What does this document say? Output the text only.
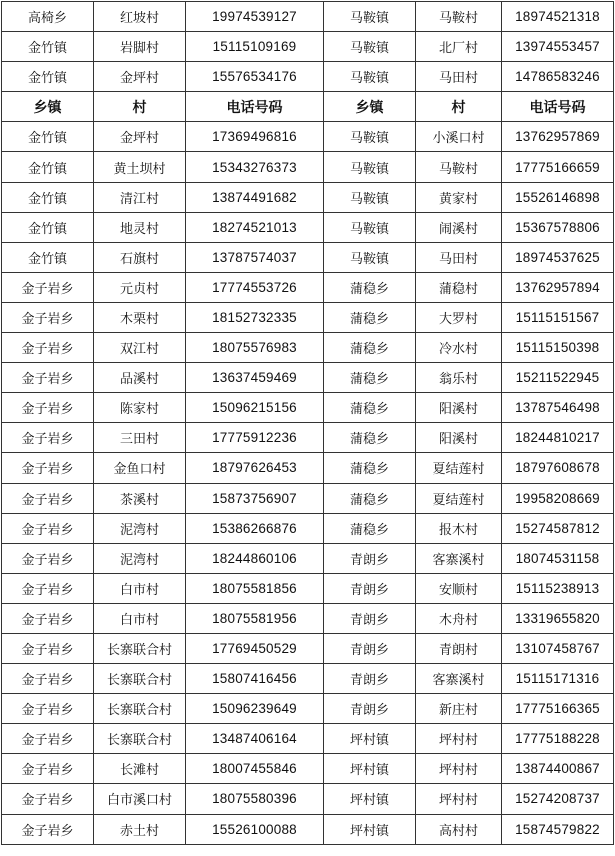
高椅乡	红坡村	19974539127	马鞍镇	马鞍村	18974521318
金竹镇	岩脚村	15115109169	马鞍镇	北厂村	13974553457
金竹镇	金坪村	15576534176	马鞍镇	马田村	14786583246
乡镇	村	电话号码	乡镇	村	电话号码
金竹镇	金坪村	17369496816	马鞍镇	小溪口村	13762957869
金竹镇	黄土坝村	15343276373	马鞍镇	马鞍村	17775166659
金竹镇	清江村	13874491682	马鞍镇	黄家村	15526146898
金竹镇	地灵村	18274521013	马鞍镇	闹溪村	15367578806
金竹镇	石旗村	13787574037	马鞍镇	马田村	18974537625
金子岩乡	元贞村	17774553726	蒲稳乡	蒲稳村	13762957894
金子岩乡	木栗村	18152732335	蒲稳乡	大罗村	15115151567
金子岩乡	双江村	18075576983	蒲稳乡	冷水村	15115150398
金子岩乡	品溪村	13637459469	蒲稳乡	翁乐村	15211522945
金子岩乡	陈家村	15096215156	蒲稳乡	阳溪村	13787546498
金子岩乡	三田村	17775912236	蒲稳乡	阳溪村	18244810217
金子岩乡	金鱼口村	18797626453	蒲稳乡	夏结莲村	18797608678
金子岩乡	茶溪村	15873756907	蒲稳乡	夏结莲村	19958208669
金子岩乡	泥湾村	15386266876	蒲稳乡	报木村	15274587812
金子岩乡	泥湾村	18244860106	青朗乡	客寨溪村	18074531158
金子岩乡	白市村	18075581856	青朗乡	安顺村	15115238913
金子岩乡	白市村	18075581956	青朗乡	木舟村	13319655820
金子岩乡	长寨联合村	17769450529	青朗乡	青朗村	13107458767
金子岩乡	长寨联合村	15807416456	青朗乡	客寨溪村	15115171316
金子岩乡	长寨联合村	15096239649	青朗乡	新庄村	17775166365
金子岩乡	长寨联合村	13487406164	坪村镇	坪村村	17775188228
金子岩乡	长滩村	18007455846	坪村镇	坪村村	13874400867
金子岩乡	白市溪口村	18075580396	坪村镇	坪村村	15274208737
金子岩乡	赤土村	15526100088	坪村镇	高村村	15874579822
